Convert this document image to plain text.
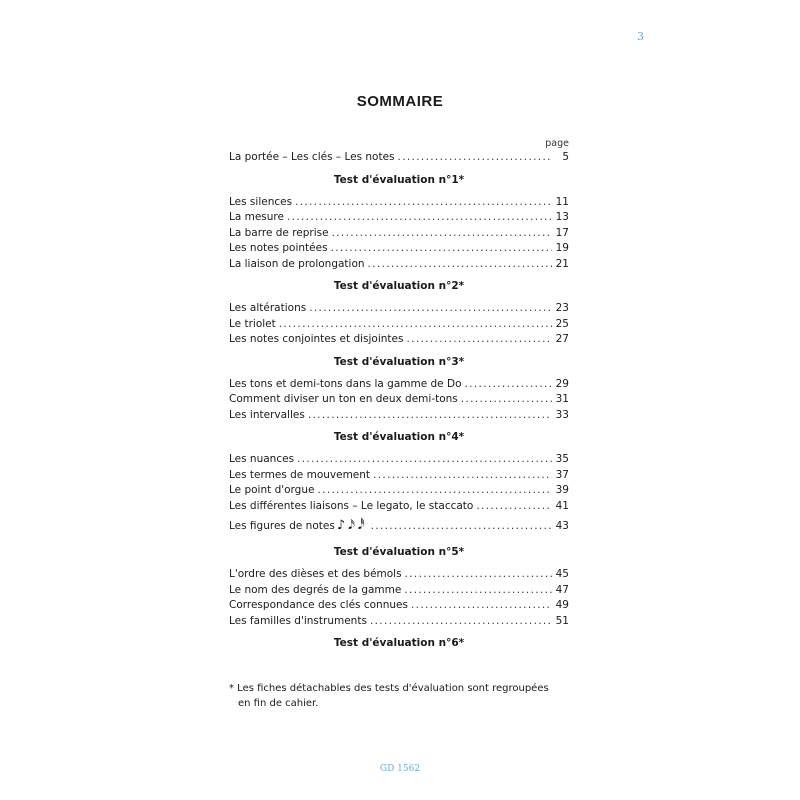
3
SOMMAIRE
page
La portée – Les clés – Les notes . . .	5
Test d'évaluation n°1*
Les silences . . .	11
La mesure . . .	13
La barre de reprise . . .	17
Les notes pointées . . .	19
La liaison de prolongation . . .	21
Test d'évaluation n°2*
Les altérations . . .	23
Le triolet . . .	25
Les notes conjointes et disjointes . . .	27
Test d'évaluation n°3*
Les tons et demi-tons dans la gamme de Do . . .	29
Comment diviser un ton en deux demi-tons . . .	31
Les intervalles . . .	33
Test d'évaluation n°4*
Les nuances . . .	35
Les termes de mouvement . . .	37
Le point d'orgue . . .	39
Les différentes liaisons – Le legato, le staccato . . .	41
Les figures de notes ♪𝅘𝅥𝅯𝅘𝅥𝅰 . . .	43
Test d'évaluation n°5*
L'ordre des dièses et des bémols . . .	45
Le nom des degrés de la gamme . . .	47
Correspondance des clés connues . . .	49
Les familles d'instruments . . .	51
Test d'évaluation n°6*
* Les fiches détachables des tests d'évaluation sont regroupées
en fin de cahier.
GD 1562
